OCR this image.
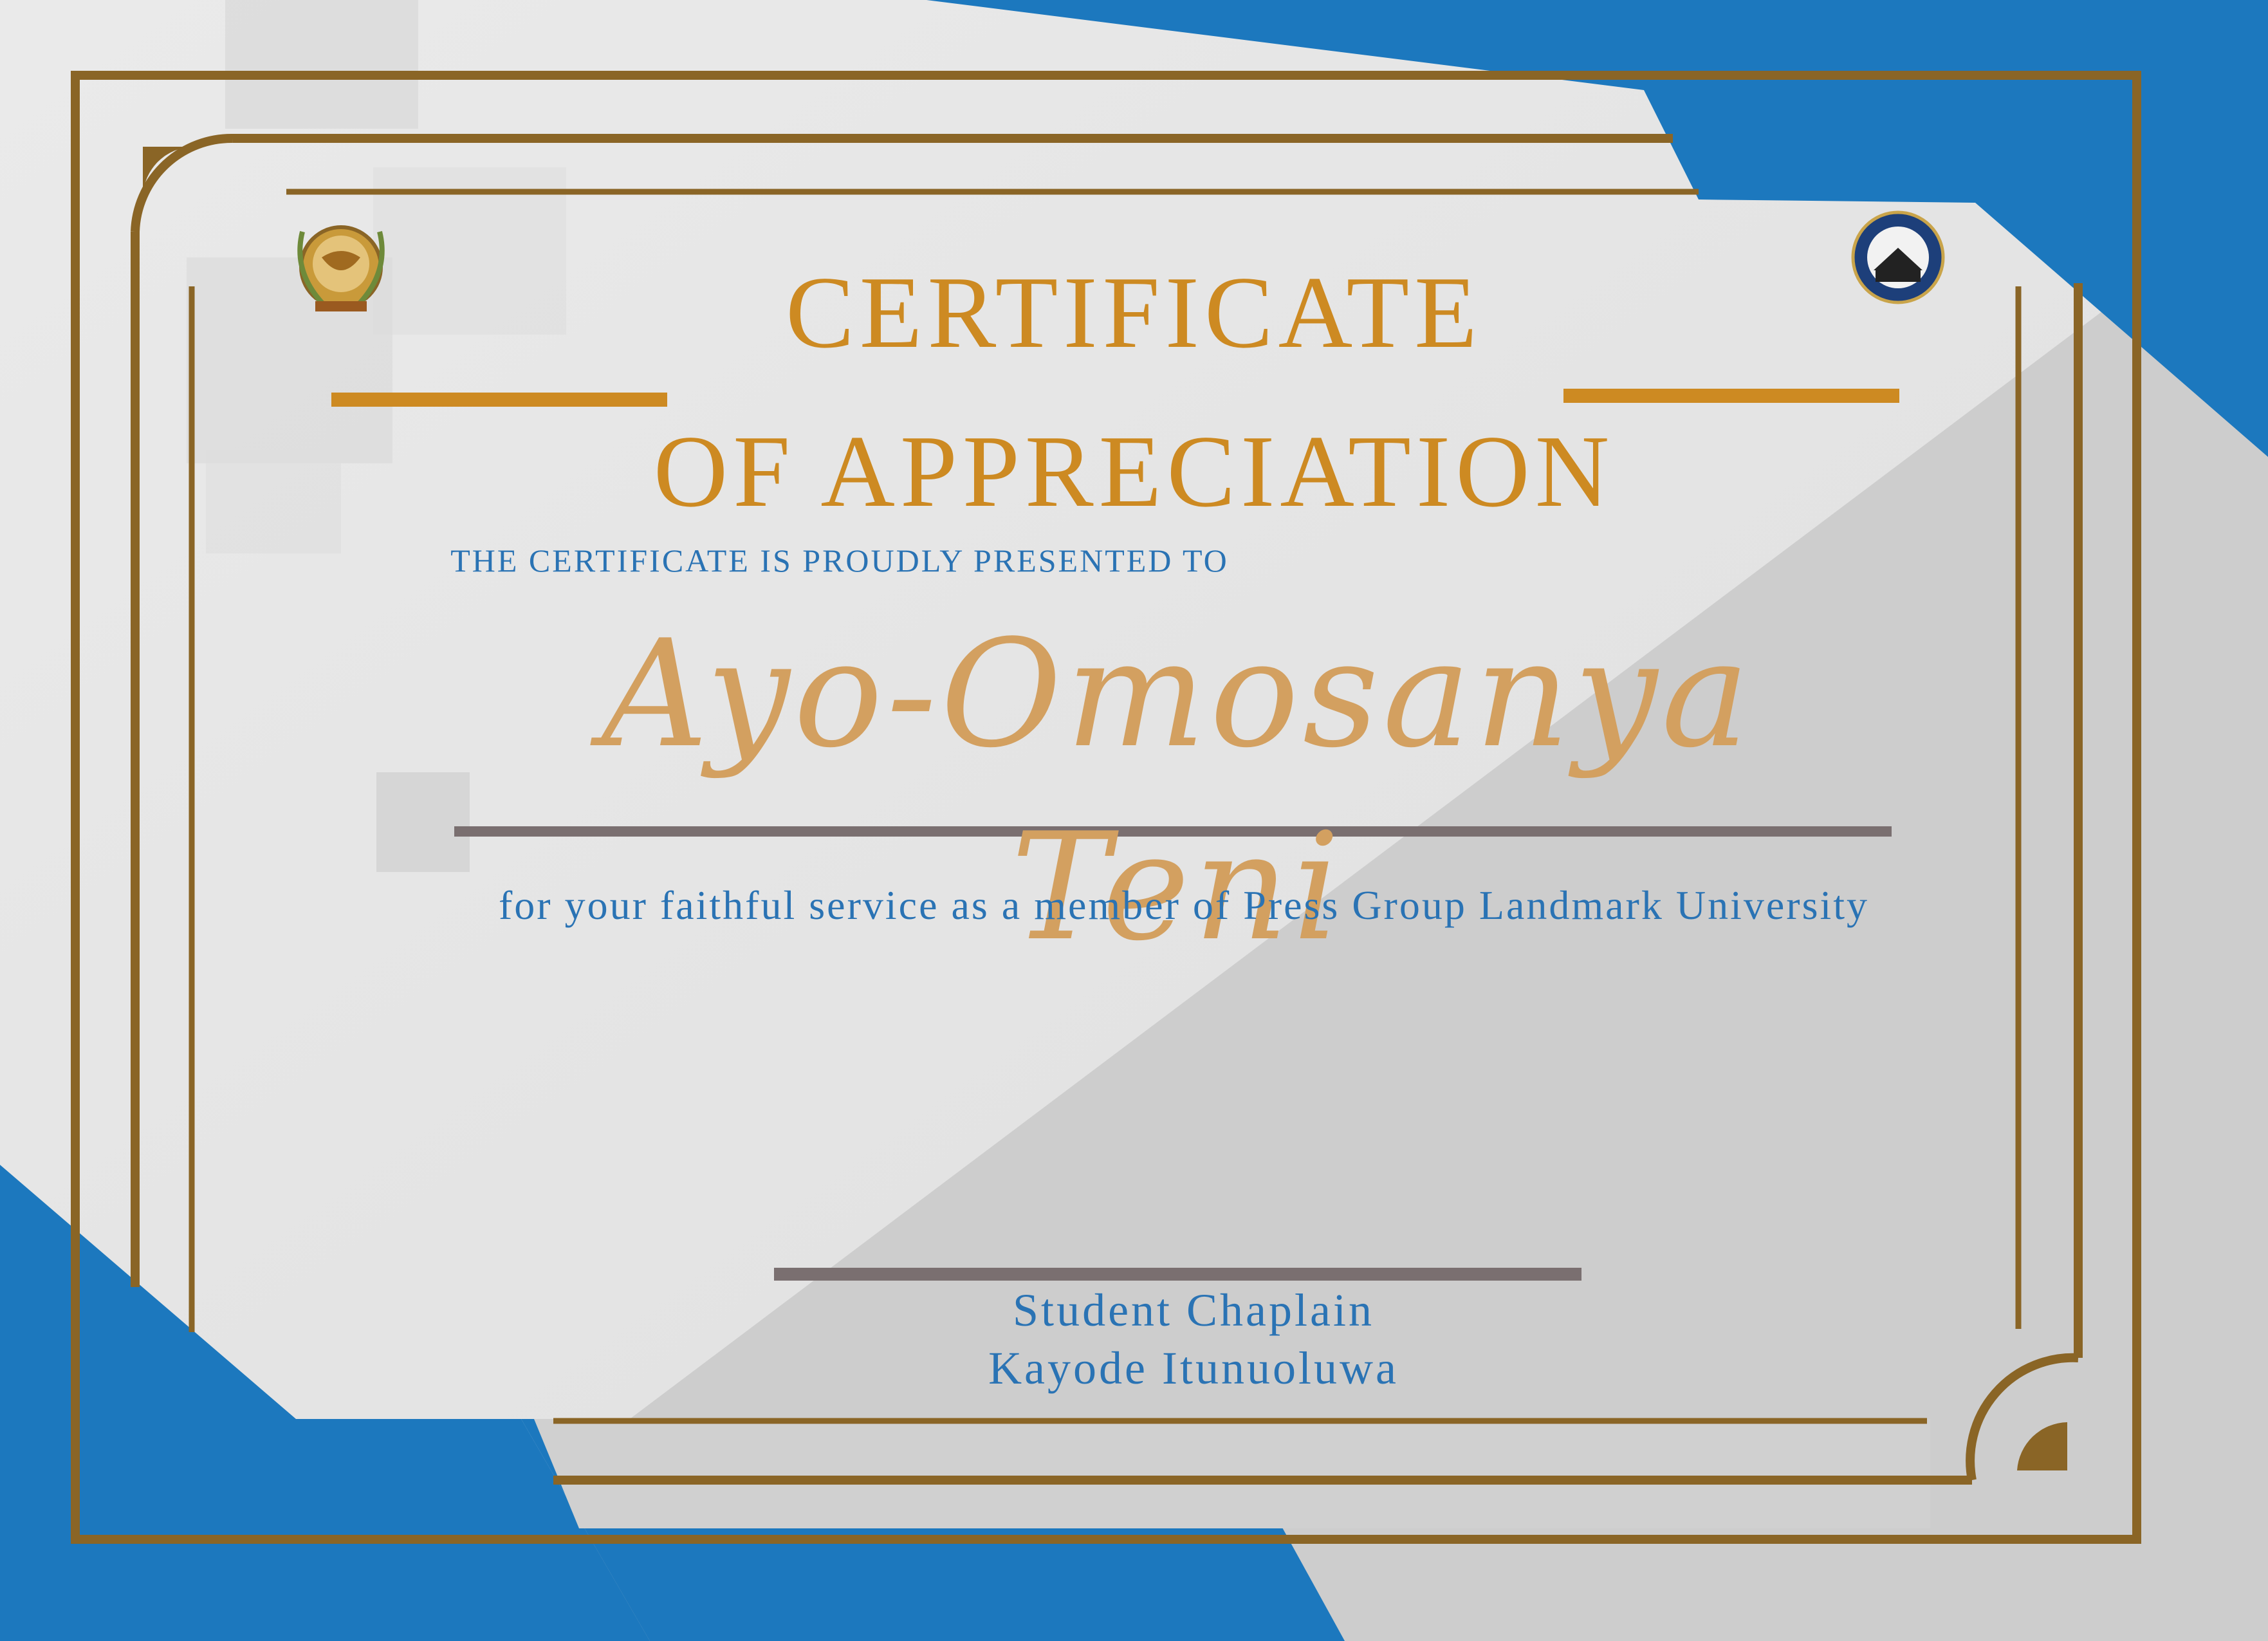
CERTIFICATE
OF APPRECIATION
THE CERTIFICATE IS PROUDLY PRESENTED TO
Ayo-Omosanya Teni
for your faithful service as a member of Press Group Landmark University
Student Chaplain
Kayode Itunuoluwa
